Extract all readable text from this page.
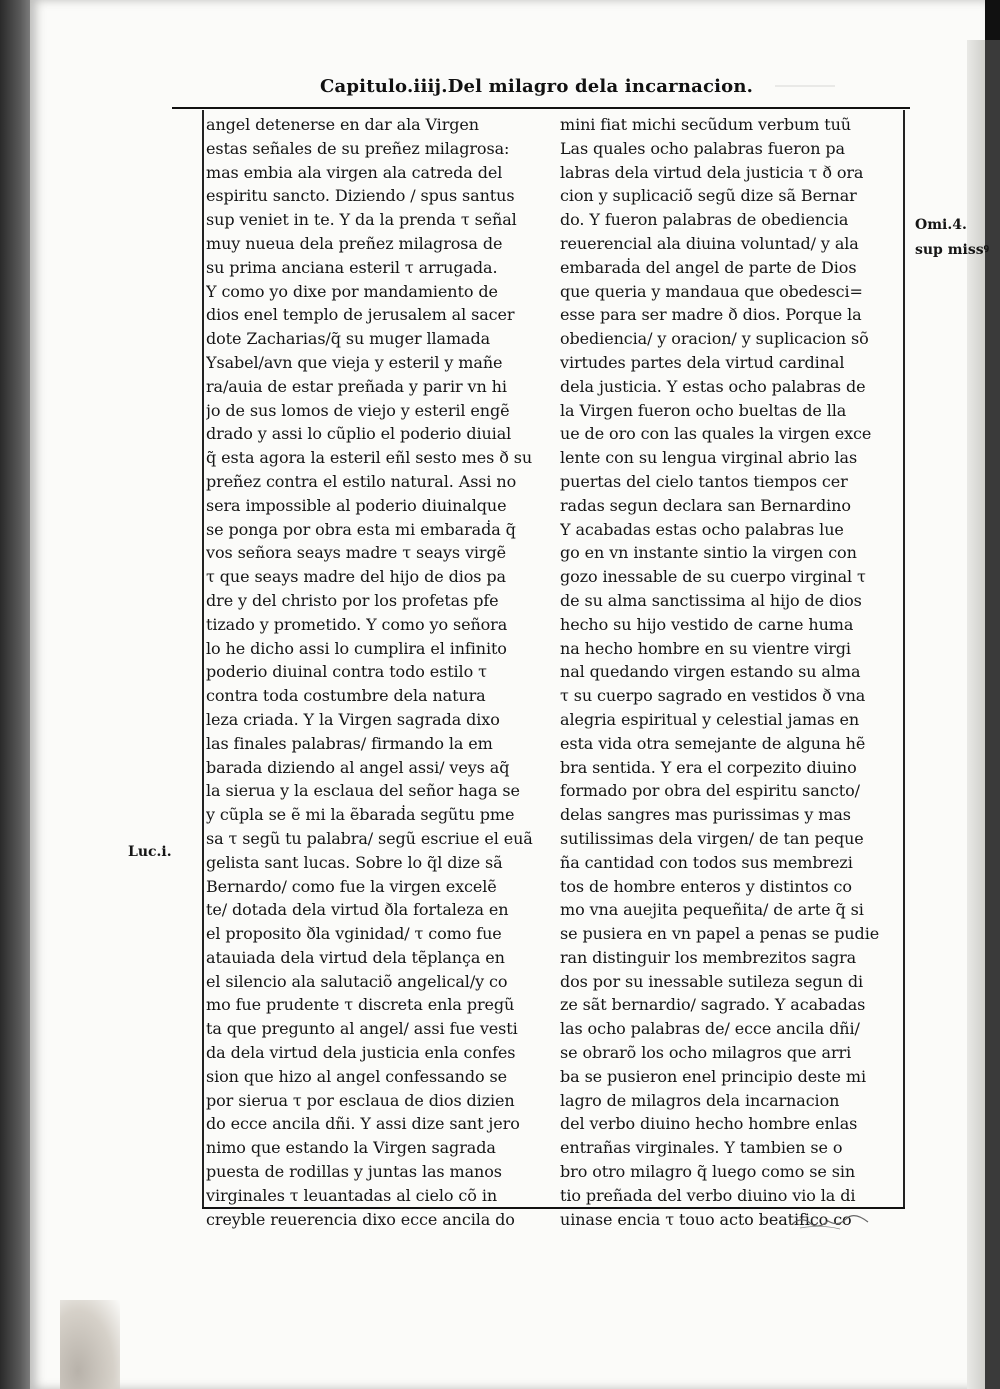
Capitulo.iiij.Del milagro dela incarnacion.
angel detenerse en dar ala Virgen
estas señales de su preñez milagrosa:
mas embia ala virgen ala catreda del
espiritu sancto. Diziendo / spus santus
sup veniet in te. Y da la prenda τ señal
muy nueua dela preñez milagrosa de
su prima anciana esteril τ arrugada.
Y como yo dixe por mandamiento de
dios enel templo de jerusalem al sacer
dote Zacharias/q̃ su muger llamada
Ysabel/avn que vieja y esteril y mañe
ra/auia de estar preñada y parir vn hi
jo de sus lomos de viejo y esteril engẽ
drado y assi lo cũplio el poderio diuial
q̃ esta agora la esteril eñl sesto mes ð su
preñez contra el estilo natural. Assi no
sera impossible al poderio diuinalque
se ponga por obra esta mi embaraḋa q̃
vos señora seays madre τ seays virgẽ
τ que seays madre del hijo de dios pa
dre y del christo por los profetas pfe
tizado y prometido. Y como yo señora
lo he dicho assi lo cumplira el infinito
poderio diuinal contra todo estilo τ
contra toda costumbre dela natura
leza criada. Y la Virgen sagrada dixo
las finales palabras/ firmando la em
barada diziendo al angel assi/ veys aq̃
la sierua y la esclaua del señor haga se
y cũpla se ẽ mi la ẽbaraḋa segũtu pme
sa τ segũ tu palabra/ segũ escriue el euã
gelista sant lucas. Sobre lo q̃l dize sã
Bernardo/ como fue la virgen excelẽ
te/ dotada dela virtud ðla fortaleza en
el proposito ðla vginidad/ τ como fue
atauiada dela virtud dela tẽplança en
el silencio ala salutaciõ angelical/y co
mo fue prudente τ discreta enla pregũ
ta que pregunto al angel/ assi fue vesti
da dela virtud dela justicia enla confes
sion que hizo al angel confessando se
por sierua τ por esclaua de dios dizien
do ecce ancila dñi. Y assi dize sant jero
nimo que estando la Virgen sagrada
puesta de rodillas y juntas las manos
virginales τ leuantadas al cielo cõ in
creyble reuerencia dixo ecce ancila do
mini fiat michi secũdum verbum tuũ
Las quales ocho palabras fueron pa
labras dela virtud dela justicia τ ð ora
cion y suplicaciõ segũ dize sã Bernar
do. Y fueron palabras de obediencia
reuerencial ala diuina voluntad/ y ala
embaraḋa del angel de parte de Dios
que queria y mandaua que obedesci=
esse para ser madre ð dios. Porque la
obediencia/ y oracion/ y suplicacion sõ
virtudes partes dela virtud cardinal
dela justicia. Y estas ocho palabras de
la Virgen fueron ocho bueltas de lla
ue de oro con las quales la virgen exce
lente con su lengua virginal abrio las
puertas del cielo tantos tiempos cer
radas segun declara san Bernardino
Y acabadas estas ocho palabras lue
go en vn instante sintio la virgen con
gozo inessable de su cuerpo virginal τ
de su alma sanctissima al hijo de dios
hecho su hijo vestido de carne huma
na hecho hombre en su vientre virgi
nal quedando virgen estando su alma
τ su cuerpo sagrado en vestidos ð vna
alegria espiritual y celestial jamas en
esta vida otra semejante de alguna hẽ
bra sentida. Y era el corpezito diuino
formado por obra del espiritu sancto/
delas sangres mas purissimas y mas
sutilissimas dela virgen/ de tan peque
ña cantidad con todos sus membrezi
tos de hombre enteros y distintos co
mo vna auejita pequeñita/ de arte q̃ si
se pusiera en vn papel a penas se pudie
ran distinguir los membrezitos sagra
dos por su inessable sutileza segun di
ze sãt bernardio/ sagrado. Y acabadas
las ocho palabras de/ ecce ancila dñi/
se obrarõ los ocho milagros que arri
ba se pusieron enel principio deste mi
lagro de milagros dela incarnacion
del verbo diuino hecho hombre enlas
entrañas virginales. Y tambien se o
bro otro milagro q̃ luego como se sin
tio preñada del verbo diuino vio la di
uinase encia τ touo acto beatifico co
Omi.4.
sup missꝰ
Luc.i.
